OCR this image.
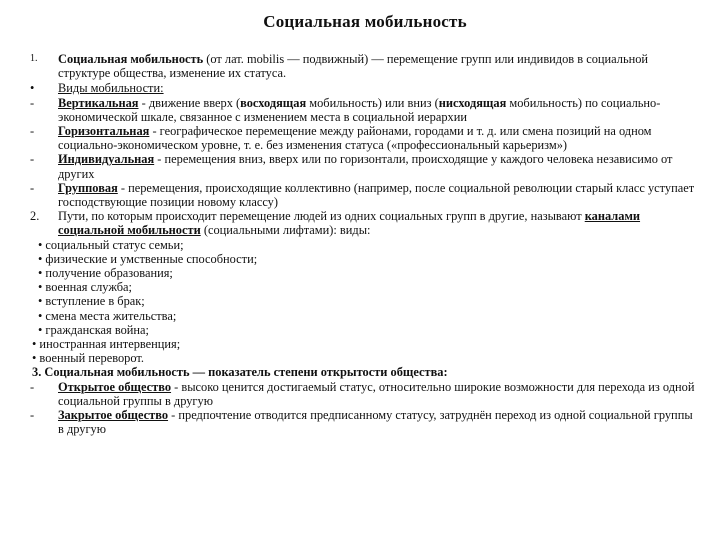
Социальная мобильность
1.	Социальная мобильность (от лат. mobilis — подвижный) — перемещение групп или индивидов в социальной структуре общества, изменение их статуса.
•	Виды мобильности:
-	Вертикальная - движение вверх (восходящая мобильность) или вниз (нисходящая мобильность) по социально-экономической шкале, связанное с изменением места в социальной иерархии
-	Горизонтальная - географическое перемещение между районами, городами и т. д. или смена позиций на одном социально-экономическом уровне, т. е. без изменения статуса («профессиональный карьеризм»)
-	Индивидуальная - перемещения вниз, вверх или по горизонтали, происходящие у каждого человека независимо от других
-	Групповая - перемещения, происходящие коллективно (например, после социальной революции старый класс уступает господствующие позиции новому классу)
2.	Пути, по которым происходит перемещение людей из одних социальных групп в другие, называют каналами социальной мобильности (социальными лифтами): виды:
• социальный статус семьи;
• физические и умственные способности;
• получение образования;
• военная служба;
• вступление в брак;
• смена места жительства;
• гражданская война;
• иностранная интервенция;
• военный переворот.
3. Социальная мобильность — показатель степени открытости общества:
-	Открытое общество - высоко ценится достигаемый статус, относительно широкие возможности для перехода из одной социальной группы в другую
-	Закрытое общество - предпочтение отводится предписанному статусу, затруднён переход из одной социальной группы в другую
